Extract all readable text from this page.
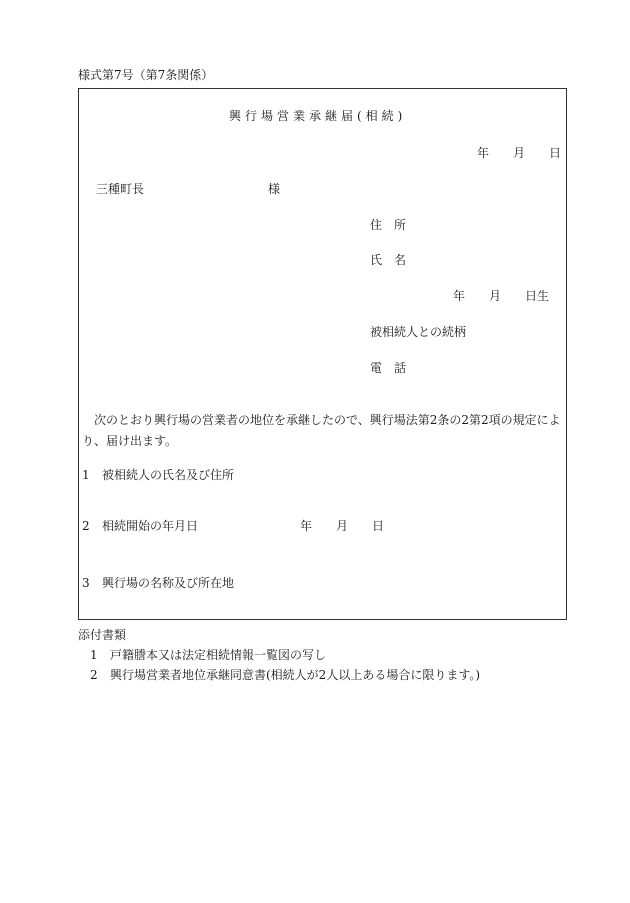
様式第7号（第7条関係）
興行場営業承継届(相続)
年 月 日
三種町長	様
住　所
氏　名
年 月 日生
被相続人との続柄
電　話
次のとおり興行場の営業者の地位を承継したので、興行場法第2条の2第2項の規定により、届け出ます。
1 被相続人の氏名及び住所
2 相続開始の年月日	年 月 日
3 興行場の名称及び所在地
添付書類
1 戸籍謄本又は法定相続情報一覧図の写し
2 興行場営業者地位承継同意書(相続人が2人以上ある場合に限ります。)
